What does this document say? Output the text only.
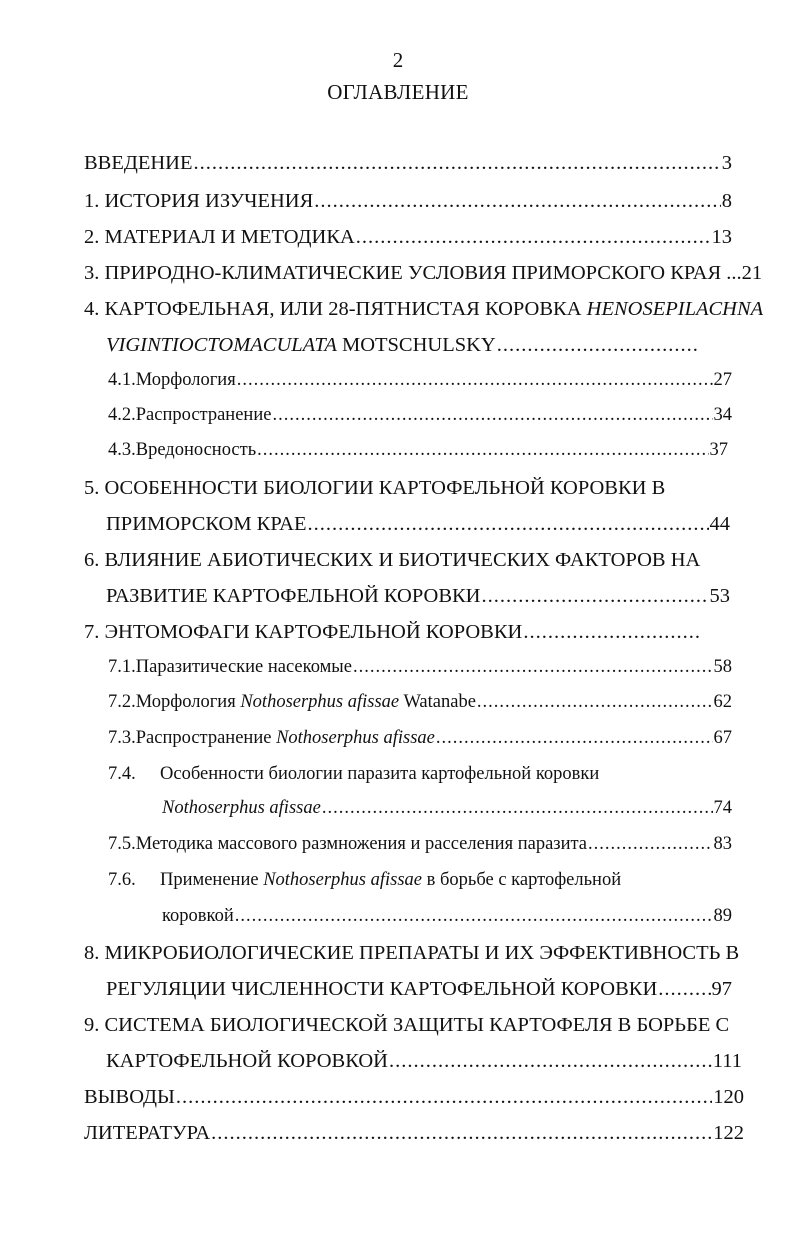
2
ОГЛАВЛЕНИЕ
ВВЕДЕНИЕ .....	3
1. ИСТОРИЯ ИЗУЧЕНИЯ .....	8
2. МАТЕРИАЛ И МЕТОДИКА .....	13
3. ПРИРОДНО-КЛИМАТИЧЕСКИЕ УСЛОВИЯ ПРИМОРСКОГО КРАЯ ...21
4. КАРТОФЕЛЬНАЯ, ИЛИ 28-ПЯТНИСТАЯ КОРОВКА HENOSEPILACHNA
VIGINTIOCTOMACULATA MOTSCHULSKY
.....
4.1. Морфология .....	27
4.2. Распространение .....	34
4.3. Вредоносность .....	37
5. ОСОБЕННОСТИ БИОЛОГИИ КАРТОФЕЛЬНОЙ КОРОВКИ В
ПРИМОРСКОМ КРАЕ .....	44
6. ВЛИЯНИЕ АБИОТИЧЕСКИХ И БИОТИЧЕСКИХ ФАКТОРОВ НА
РАЗВИТИЕ КАРТОФЕЛЬНОЙ КОРОВКИ .....	53
7. ЭНТОМОФАГИ КАРТОФЕЛЬНОЙ КОРОВКИ
.....
7.1. Паразитические насекомые .....	58
7.2. Морфология Nothoserphus afissae Watanabe .....	62
7.3. Распространение Nothoserphus afissae .....	67
7.4.	Особенности биологии паразита картофельной коровки
Nothoserphus afissae .....	74
7.5. Методика массового размножения и расселения паразита .....	83
7.6.	Применение Nothoserphus afissae в борьбе с картофельной
коровкой .....	89
8. МИКРОБИОЛОГИЧЕСКИЕ ПРЕПАРАТЫ И ИХ ЭФФЕКТИВНОСТЬ В
РЕГУЛЯЦИИ ЧИСЛЕННОСТИ КАРТОФЕЛЬНОЙ КОРОВКИ .....	97
9. СИСТЕМА БИОЛОГИЧЕСКОЙ ЗАЩИТЫ КАРТОФЕЛЯ В БОРЬБЕ С
КАРТОФЕЛЬНОЙ КОРОВКОЙ .....	111
ВЫВОДЫ .....	120
ЛИТЕРАТУРА .....	122
